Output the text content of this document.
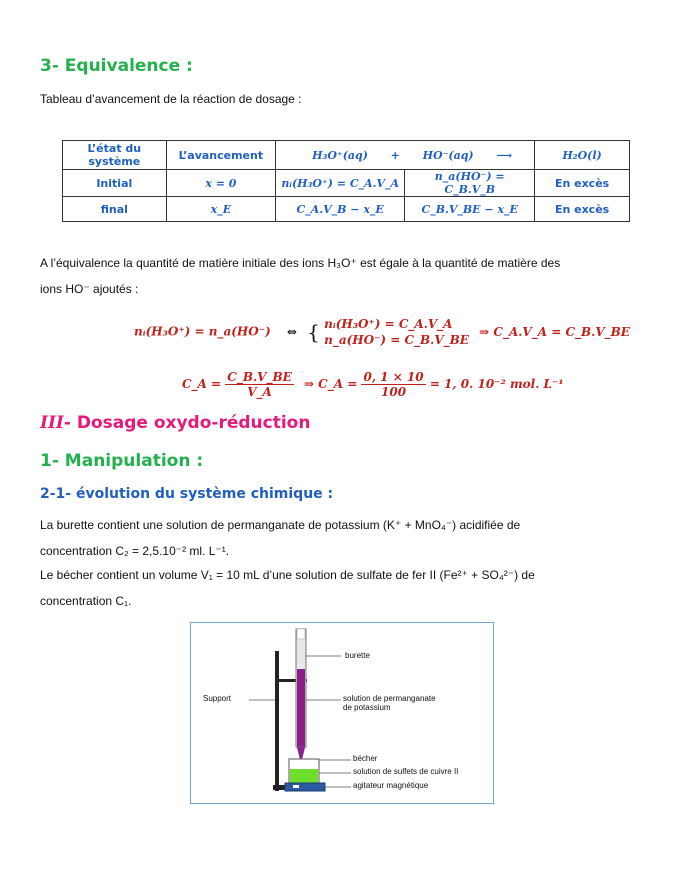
3- Equivalence :
Tableau d’avancement de la réaction de dosage :
L’état du système	L’avancement	H₃O⁺(aq) + HO⁻(aq) ⟶		H₂O(l)
Initial	x = 0	nᵢ(H₃O⁺) = C_A.V_A	n_a(HO⁻) = C_B.V_B	En excès
final	x_E	C_A.V_B − x_E	C_B.V_BE − x_E	En excès
A l’équivalence la quantité de matière initiale des ions H₃O⁺ est égale à la quantité de matière des
ions HO⁻ ajoutés :
nᵢ(H₃O⁺) = n_a(HO⁻) ⇔ { nᵢ(H₃O⁺) = C_A.V_A
n_a(HO⁻) = C_B.V_BE
⇒ C_A.V_A = C_B.V_BE
C_A = $\frac{C\_B.V\_BE}{V\_A}$ ⇒ C_A = $\frac{0, 1 \times 10}{100} = 1$, 0. 10⁻² mol. L⁻¹
III- Dosage oxydo-réduction
1- Manipulation :
2-1- évolution du système chimique :
La burette contient une solution de permanganate de potassium (K⁺ + MnO₄⁻) acidifiée de
concentration C₂ = 2,5.10⁻² ml. L⁻¹.
Le bécher contient un volume V₁ = 10 mL d’une solution de sulfate de fer II (Fe²⁺ + SO₄²⁻) de
concentration C₁.
Support
burette
solution de permanganate
de potassium
bécher
solution de sulfets de cuivre II
agitateur magnétique
